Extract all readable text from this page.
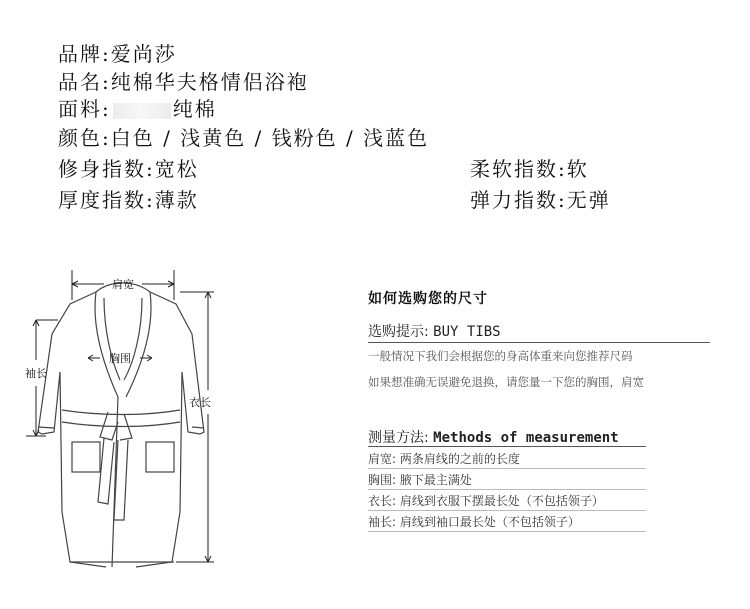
品牌:爱尚莎
品名:纯棉华夫格情侣浴袍
面料:	纯棉
颜色:白色 / 浅黄色 / 钱粉色 / 浅蓝色
修身指数:宽松	柔软指数:软
厚度指数:薄款	弹力指数:无弹
肩宽
胸围
袖长
衣长
如何选购您的尺寸
选购提示: BUY TIBS
一般情况下我们会根据您的身高体重来向您推荐尺码
如果想准确无误避免退换，请您量一下您的胸围，肩宽
测量方法: Methods of measurement
肩宽: 两条肩线的之前的长度
胸围: 腋下最主满处
衣长: 肩线到衣服下摆最长处（不包括领子）
袖长: 肩线到袖口最长处（不包括领子）
